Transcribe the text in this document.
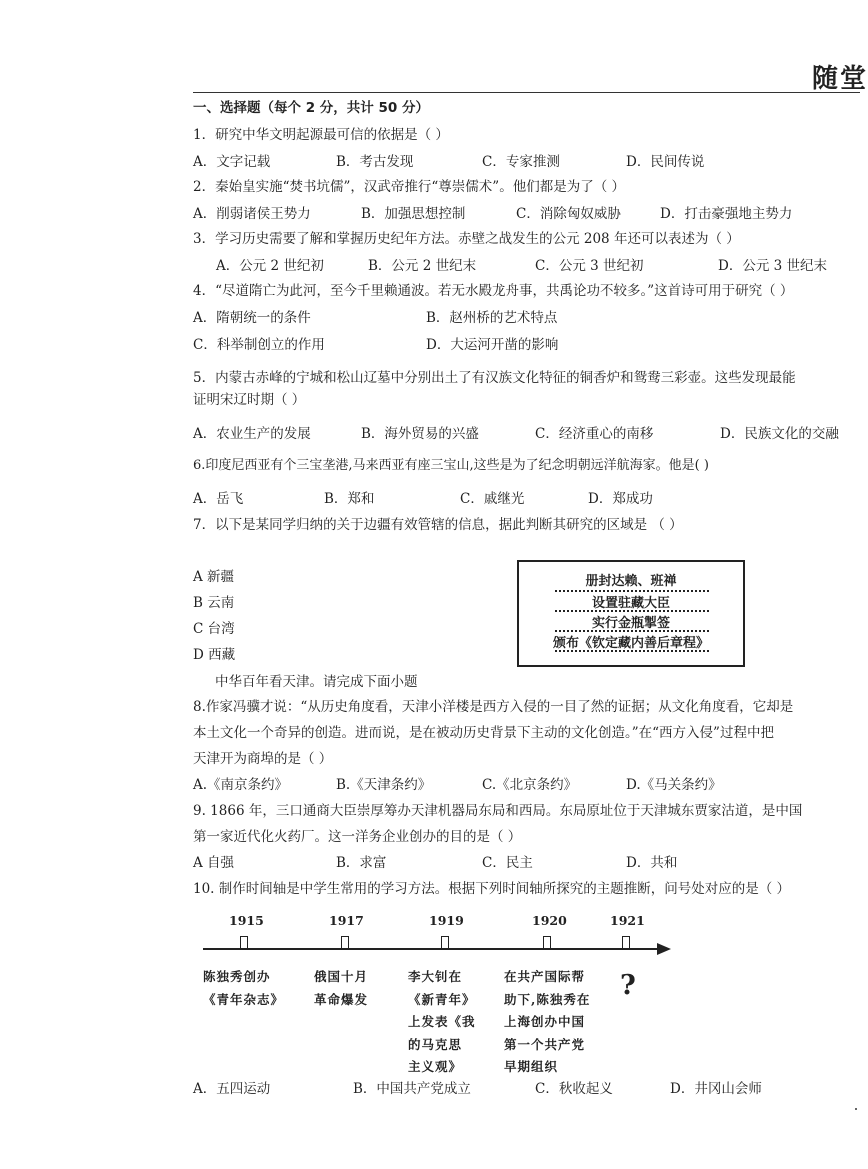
随堂
一、选择题（每个 2 分，共计 50 分）
1．研究中华文明起源最可信的依据是（ ）
A．文字记载	B．考古发现	C．专家推测	D．民间传说
2．秦始皇实施“焚书坑儒”，汉武帝推行“尊崇儒术”。他们都是为了（ ）
A．削弱诸侯王势力	B．加强思想控制	C．消除匈奴威胁	D．打击豪强地主势力
3．学习历史需要了解和掌握历史纪年方法。赤壁之战发生的公元 208 年还可以表述为（ ）
A．公元 2 世纪初	B．公元 2 世纪末	C．公元 3 世纪初	D．公元 3 世纪末
4．“尽道隋亡为此河，至今千里赖通波。若无水殿龙舟事，共禹论功不较多。”这首诗可用于研究（ ）
A．隋朝统一的条件	B．赵州桥的艺术特点
C．科举制创立的作用	D．大运河开凿的影响
5．内蒙古赤峰的宁城和松山辽墓中分别出土了有汉族文化特征的铜香炉和鸳鸯三彩壶。这些发现最能
证明宋辽时期（ ）
A．农业生产的发展	B．海外贸易的兴盛	C．经济重心的南移	D．民族文化的交融
6.印度尼西亚有个三宝垄港,马来西亚有座三宝山,这些是为了纪念明朝远洋航海家。他是( )
A．岳飞	B．郑和	C．戚继光	D．郑成功
7．以下是某同学归纳的关于边疆有效管辖的信息，据此判断其研究的区域是 （ ）
A 新疆
B 云南
C 台湾
D 西藏
册封达赖、班禅
设置驻藏大臣
实行金瓶掣签
颁布《钦定藏内善后章程》
中华百年看天津。请完成下面小题
8.作家冯骥才说：“从历史角度看，天津小洋楼是西方入侵的一目了然的证据；从文化角度看，它却是
本土文化一个奇异的创造。进而说，是在被动历史背景下主动的文化创造。”在“西方入侵”过程中把
天津开为商埠的是（ ）
A.《南京条约》	B.《天津条约》	C.《北京条约》	D.《马关条约》
9. 1866 年，三口通商大臣崇厚筹办天津机器局东局和西局。东局原址位于天津城东贾家沽道，是中国
第一家近代化火药厂。这一洋务企业创办的目的是（ ）
A 自强	B．求富	C．民主	D．共和
10. 制作时间轴是中学生常用的学习方法。根据下列时间轴所探究的主题推断，问号处对应的是（ ）
1915	1917	1919	1920	1921
陈独秀创办
《青年杂志》
俄国十月
革命爆发
李大钊在
《新青年》
上发表《我
的马克思
主义观》
在共产国际帮
助下,陈独秀在
上海创办中国
第一个共产党
早期组织
?
A．五四运动	B．中国共产党成立	C．秋收起义	D．井冈山会师
